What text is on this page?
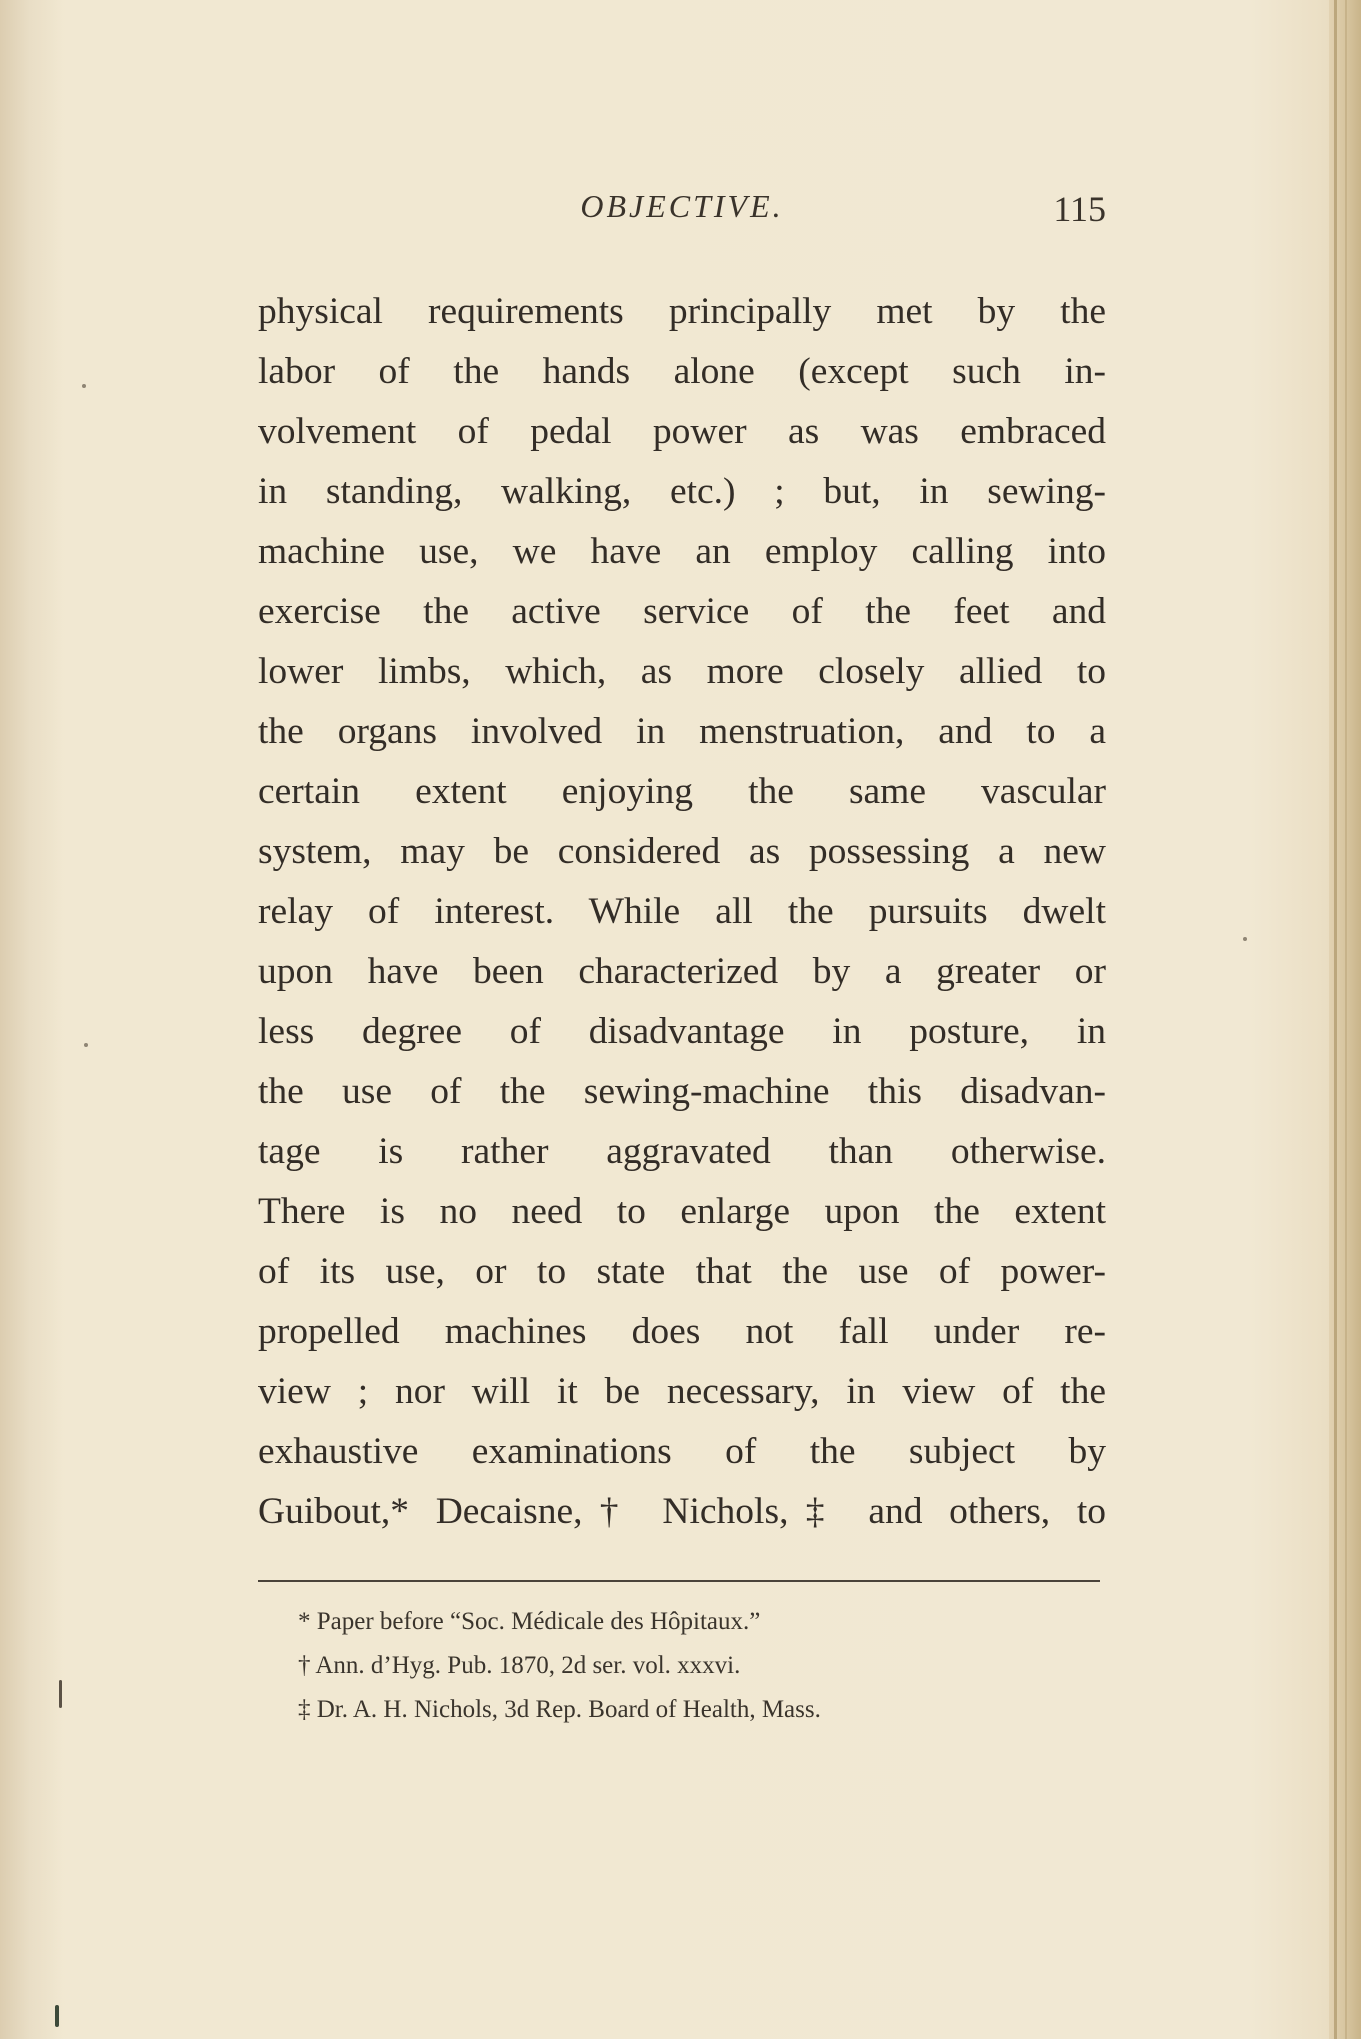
OBJECTIVE.	115
physical requirements principally met by the
labor of the hands alone (except such in-
volvement of pedal power as was embraced
in standing, walking, etc.) ; but, in sewing-
machine use, we have an employ calling into
exercise the active service of the feet and
lower limbs, which, as more closely allied to
the organs involved in menstruation, and to a
certain extent enjoying the same vascular
system, may be considered as possessing a new
relay of interest. While all the pursuits dwelt
upon have been characterized by a greater or
less degree of disadvantage in posture, in
the use of the sewing-machine this disadvan-
tage is rather aggravated than otherwise.
There is no need to enlarge upon the extent
of its use, or to state that the use of power-
propelled machines does not fall under re-
view ; nor will it be necessary, in view of the
exhaustive examinations of the subject by
Guibout,* Decaisne,† Nichols,‡ and others, to
* Paper before “Soc. Médicale des Hôpitaux.”
† Ann. d’Hyg. Pub. 1870, 2d ser. vol. xxxvi.
‡ Dr. A. H. Nichols, 3d Rep. Board of Health, Mass.
